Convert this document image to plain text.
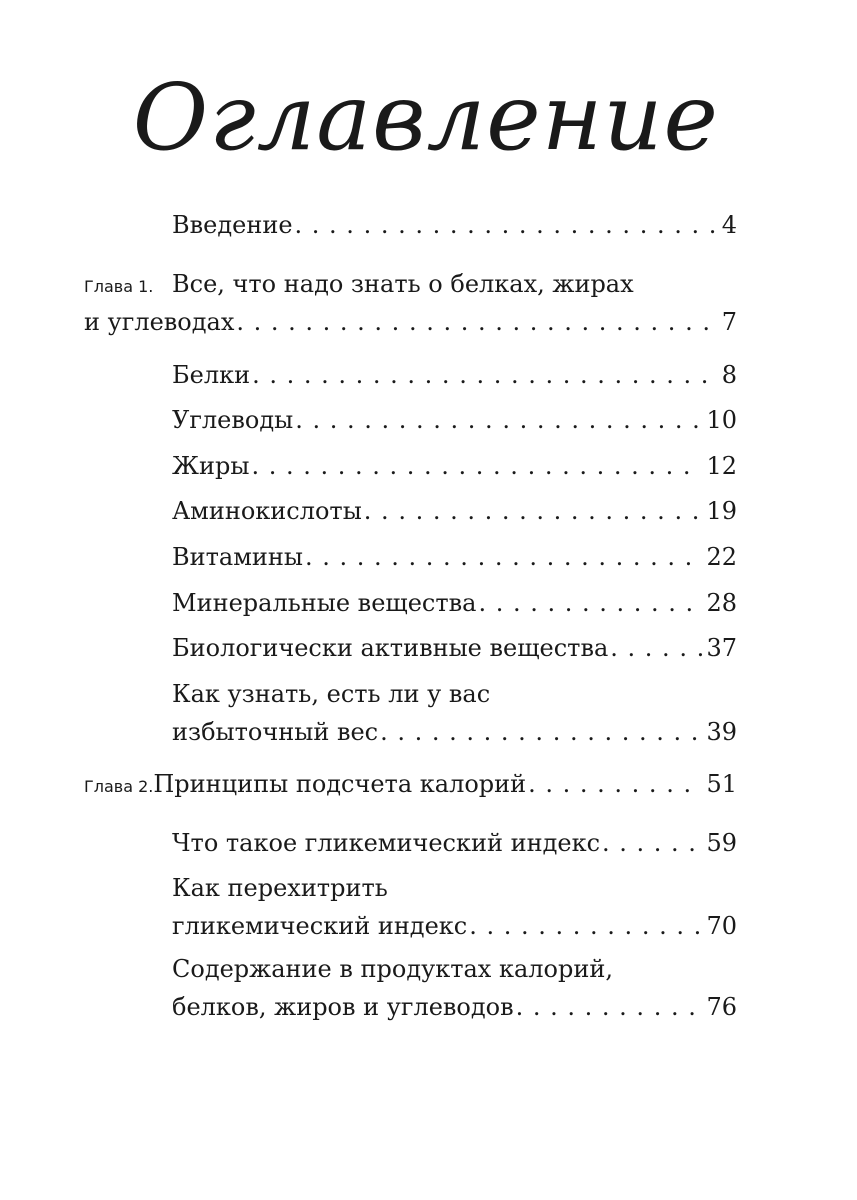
Оглавление
Введение . . .	4
Глава 1. Все, что надо знать о белках, жирах
и углеводах . . .	7
Белки . . .	8
Углеводы . . .	10
Жиры . . .	12
Аминокислоты . . .	19
Витамины . . .	22
Минеральные вещества . . .	28
Биологически активные вещества . . .	37
Как узнать, есть ли у вас
избыточный вес . . .	39
Глава 2. Принципы подсчета калорий . . .	51
Что такое гликемический индекс . . .	59
Как перехитрить
гликемический индекс . . .	70
Содержание в продуктах калорий,
белков, жиров и углеводов . . .	76
